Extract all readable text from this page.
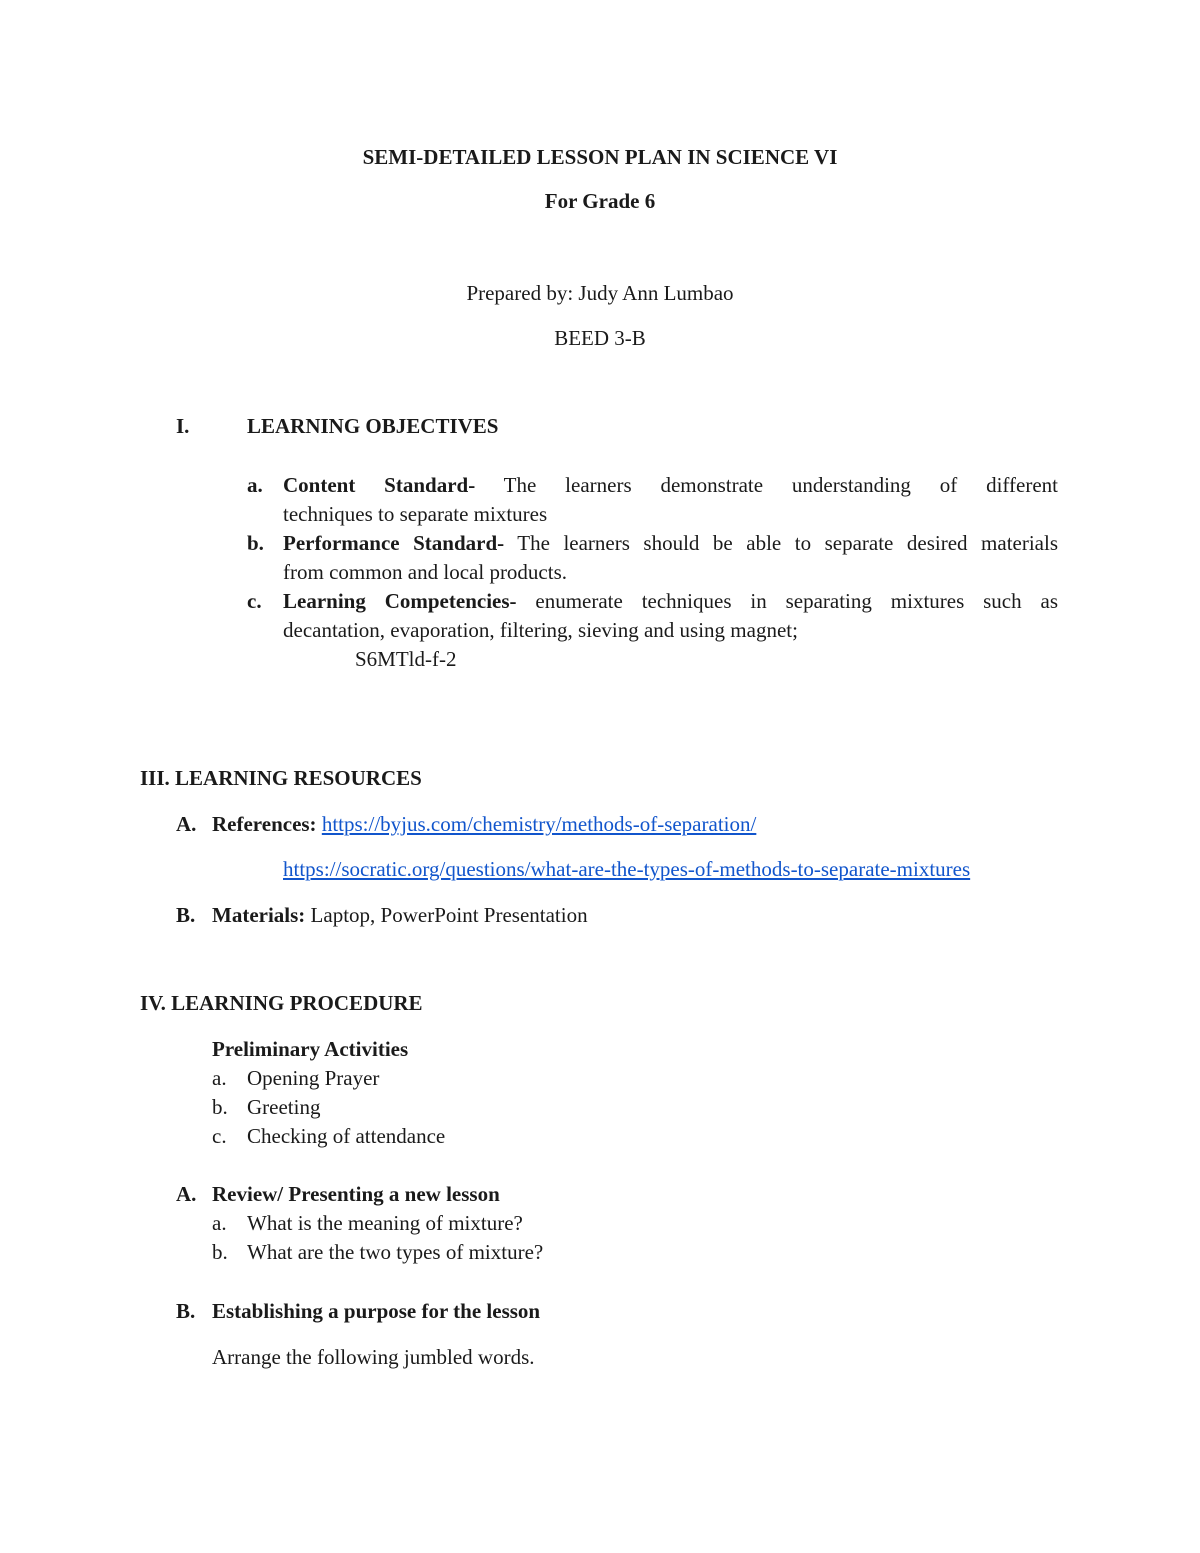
SEMI-DETAILED LESSON PLAN IN SCIENCE VI
For Grade 6
Prepared by: Judy Ann Lumbao
BEED 3-B
I.	LEARNING OBJECTIVES
a. Content Standard- The learners demonstrate understanding of different
techniques to separate mixtures
b. Performance Standard- The learners should be able to separate desired materials
from common and local products.
c. Learning Competencies- enumerate techniques in separating mixtures such as
decantation, evaporation, filtering, sieving and using magnet;
S6MTld-f-2
III. LEARNING RESOURCES
A. References: https://byjus.com/chemistry/methods-of-separation/
https://socratic.org/questions/what-are-the-types-of-methods-to-separate-mixtures
B. Materials: Laptop, PowerPoint Presentation
IV. LEARNING PROCEDURE
Preliminary Activities
a. Opening Prayer
b. Greeting
c. Checking of attendance
A. Review/ Presenting a new lesson
a. What is the meaning of mixture?
b. What are the two types of mixture?
B. Establishing a purpose for the lesson
Arrange the following jumbled words.
